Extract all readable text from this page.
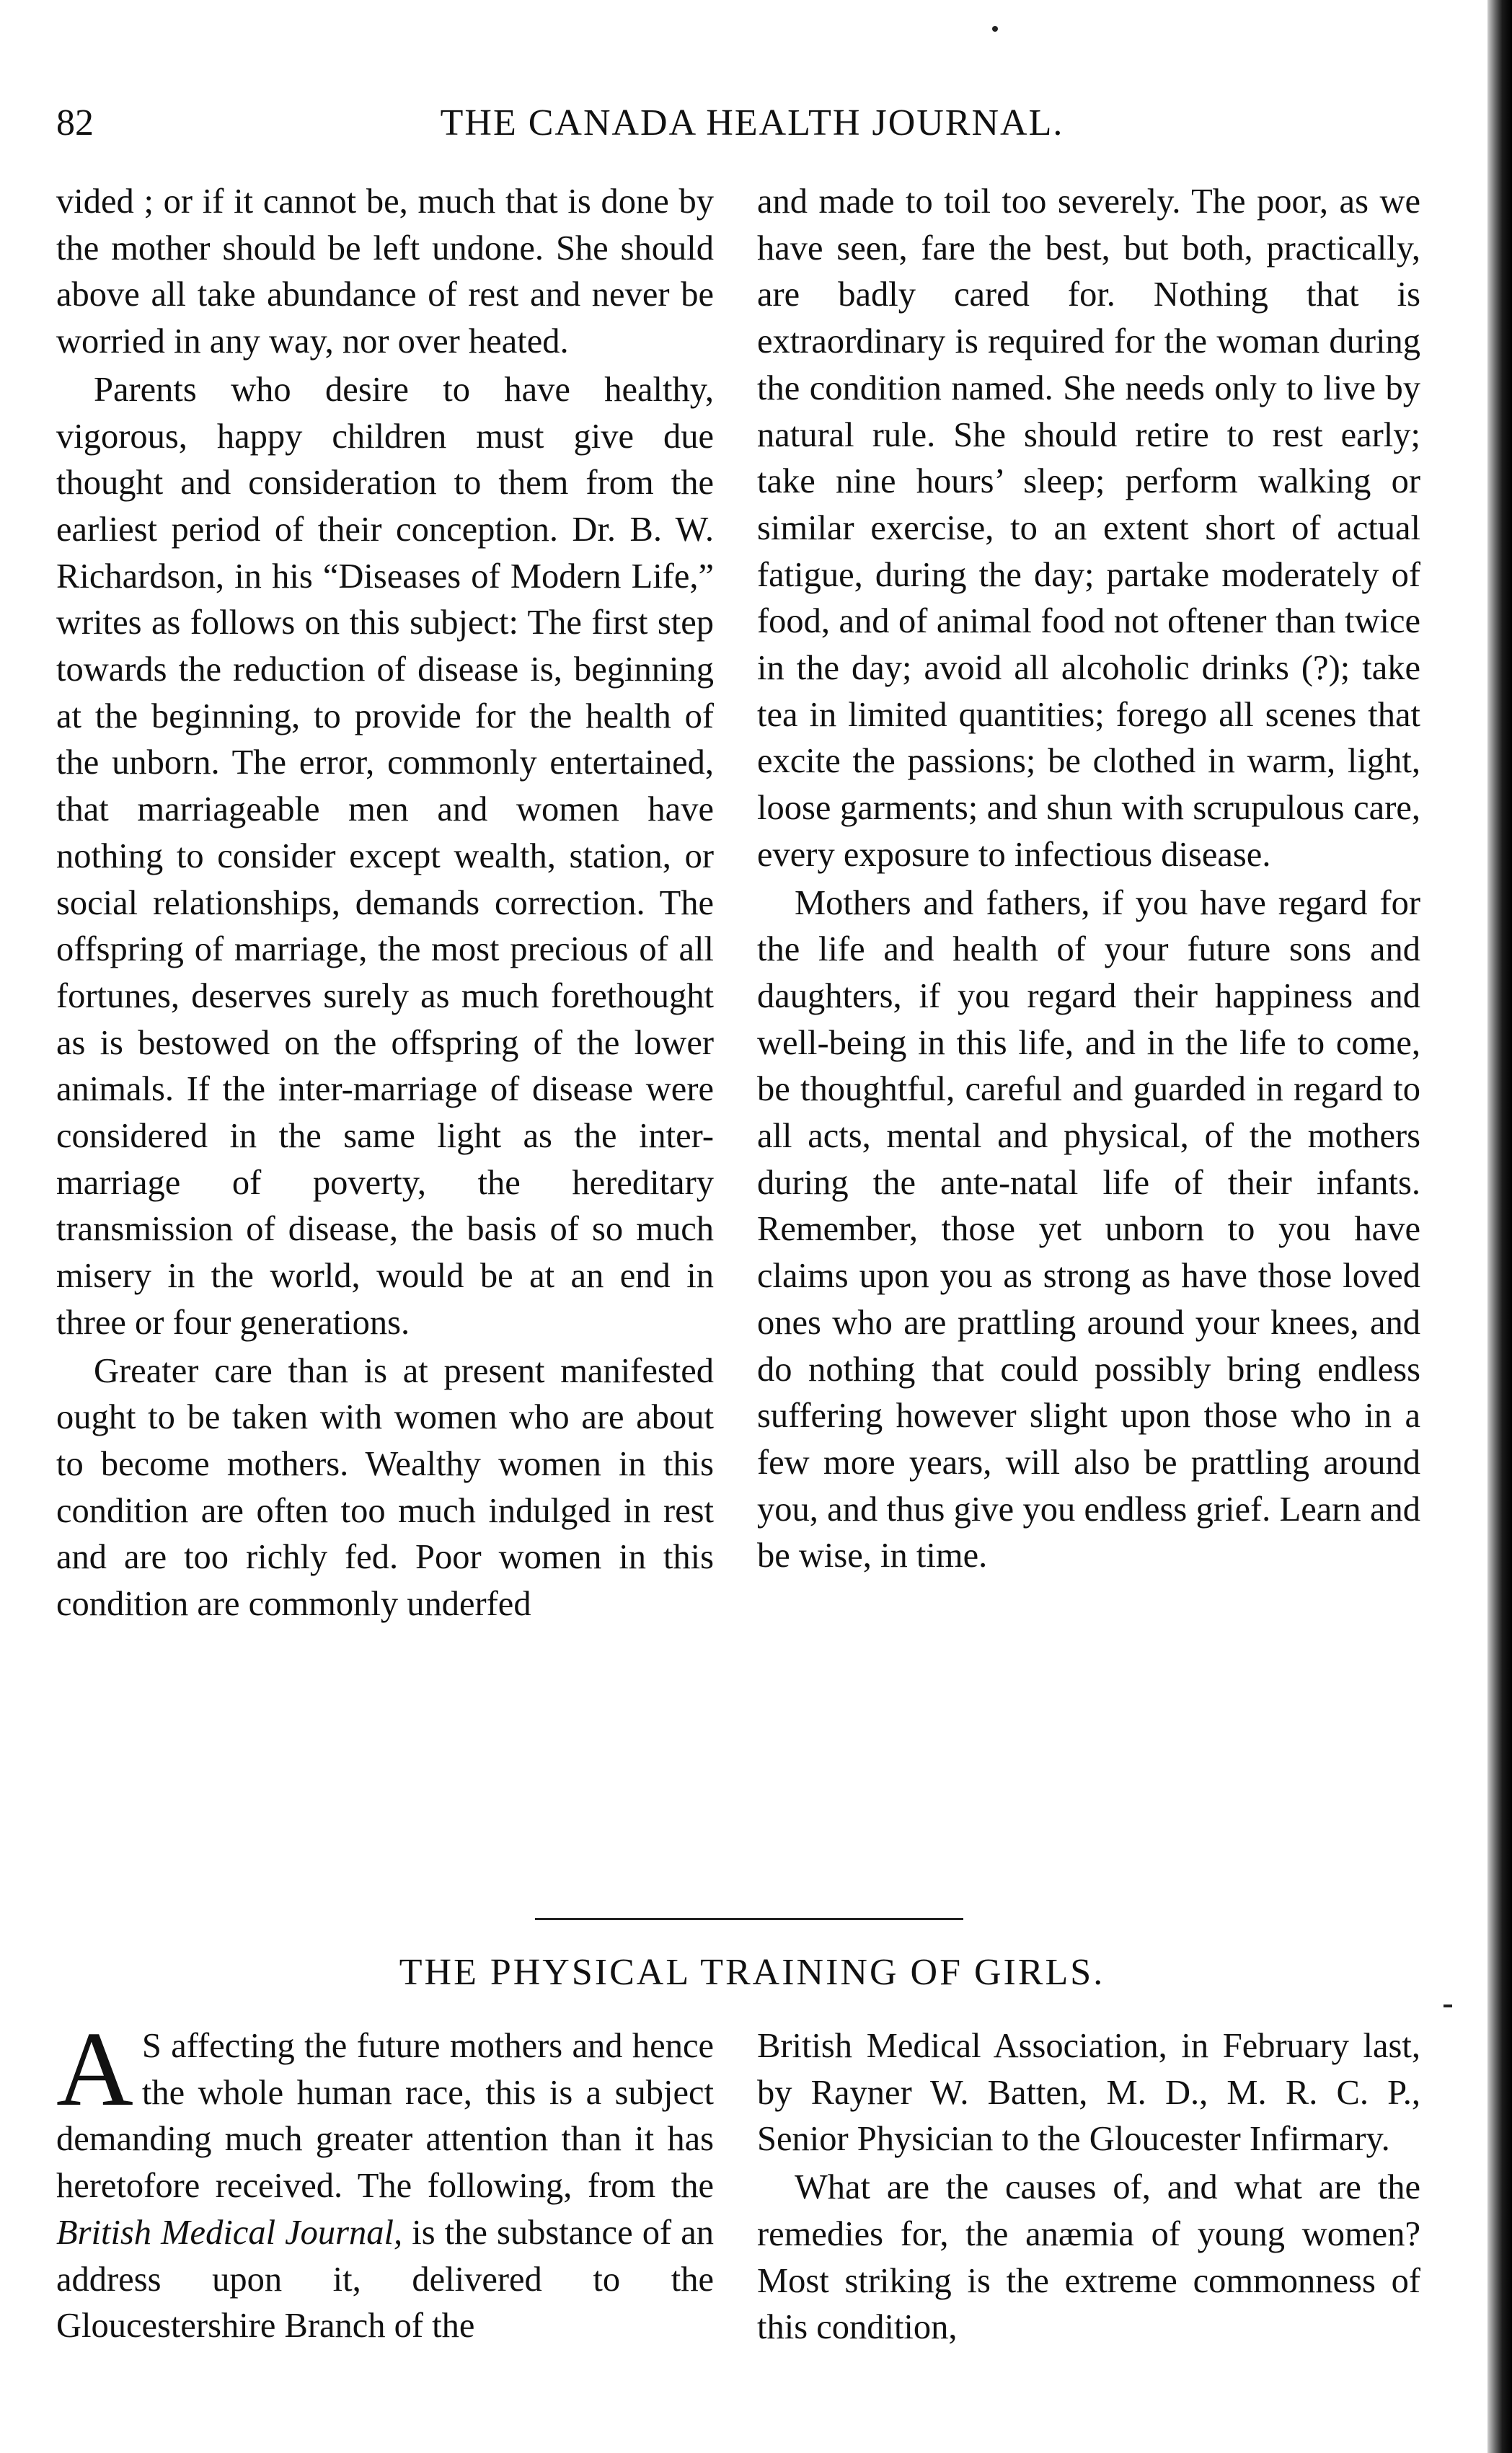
82	THE CANADA HEALTH JOURNAL.

vided ; or if it cannot be, much that is done by the mother should be left undone. She should above all take abundance of rest and never be worried in any way, nor over heated.

Parents who desire to have healthy, vigorous, happy children must give due thought and consideration to them from the earliest period of their conception. Dr. B. W. Richardson, in his “Diseases of Modern Life,” writes as follows on this subject: The first step towards the reduction of disease is, beginning at the beginning, to provide for the health of the unborn. The error, commonly entertained, that marriageable men and women have nothing to consider except wealth, station, or social relationships, demands correction. The offspring of marriage, the most precious of all fortunes, deserves surely as much forethought as is bestowed on the offspring of the lower animals. If the inter-marriage of disease were considered in the same light as the inter-marriage of poverty, the hereditary transmission of disease, the basis of so much misery in the world, would be at an end in three or four generations.

Greater care than is at present manifested ought to be taken with women who are about to become mothers. Wealthy women in this condition are often too much indulged in rest and are too richly fed. Poor women in this condition are commonly underfed

and made to toil too severely. The poor, as we have seen, fare the best, but both, practically, are badly cared for. Nothing that is extraordinary is required for the woman during the condition named. She needs only to live by natural rule. She should retire to rest early; take nine hours’ sleep; perform walking or similar exercise, to an extent short of actual fatigue, during the day; partake moderately of food, and of animal food not oftener than twice in the day; avoid all alcoholic drinks (?); take tea in limited quantities; forego all scenes that excite the passions; be clothed in warm, light, loose garments; and shun with scrupulous care, every exposure to infectious disease.

Mothers and fathers, if you have regard for the life and health of your future sons and daughters, if you regard their happiness and well-being in this life, and in the life to come, be thoughtful, careful and guarded in regard to all acts, mental and physical, of the mothers during the ante-natal life of their infants. Remember, those yet unborn to you have claims upon you as strong as have those loved ones who are prattling around your knees, and do nothing that could possibly bring endless suffering however slight upon those who in a few more years, will also be prattling around you, and thus give you endless grief. Learn and be wise, in time.

THE PHYSICAL TRAINING OF GIRLS.

A S affecting the future mothers and hence the whole human race, this is a subject demanding much greater attention than it has heretofore received. The following, from the British Medical Journal, is the substance of an address upon it, delivered to the Gloucestershire Branch of the

British Medical Association, in February last, by Rayner W. Batten, M. D., M. R. C. P., Senior Physician to the Gloucester Infirmary.

What are the causes of, and what are the remedies for, the anæmia of young women? Most striking is the extreme commonness of this condition,
